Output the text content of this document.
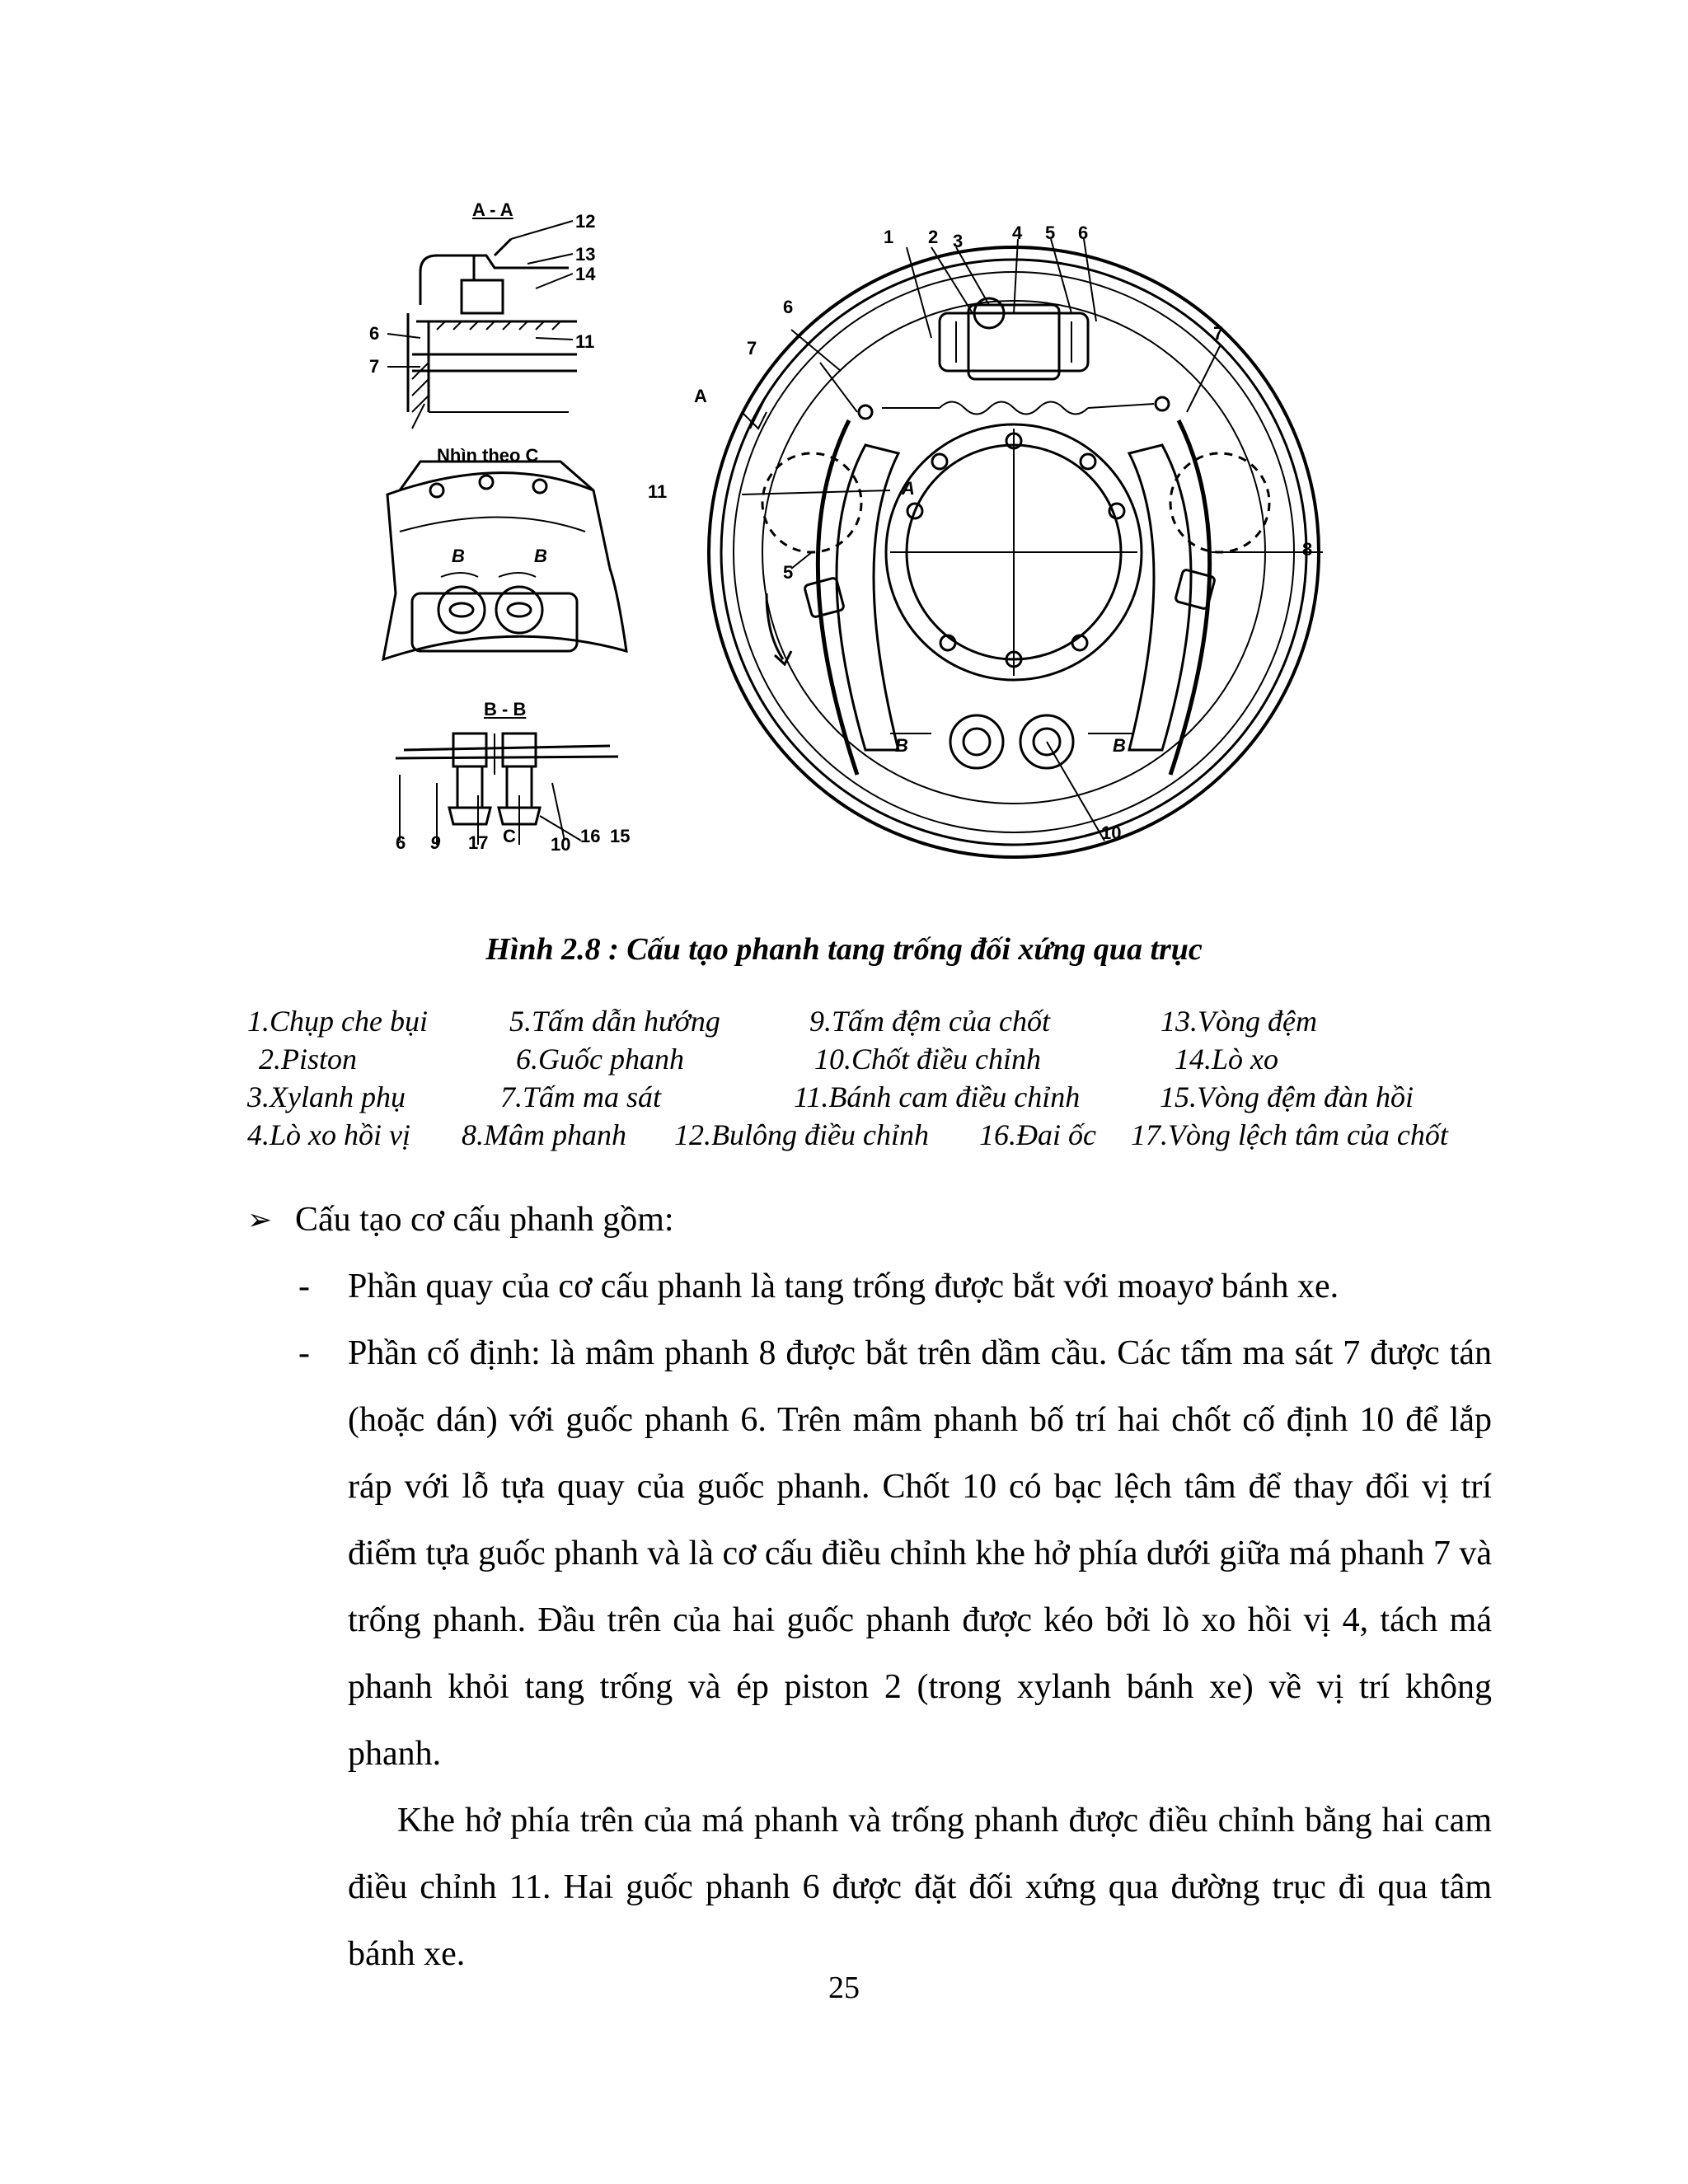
A - A
12
13
14
6
7
11
Nhìn theo C
B	B
B - B
6 9 17 C 10 16 15
1 2 3	4 5 6
6
7
7
A
11	A
5
8
B	B
10
Hình 2.8 : Cấu tạo phanh tang trống đối xứng qua trục
1.Chụp che bụi	5.Tấm dẫn hướng	9.Tấm đệm của chốt	13.Vòng đệm
2.Piston	6.Guốc phanh	10.Chốt điều chỉnh	14.Lò xo
3.Xylanh phụ	7.Tấm ma sát	11.Bánh cam điều chỉnh	15.Vòng đệm đàn hồi
4.Lò xo hồi vị 8.Mâm phanh 12.Bulông điều chỉnh 16.Đai ốc 17.Vòng lệch tâm của chốt
➢ Cấu tạo cơ cấu phanh gồm:
- Phần quay của cơ cấu phanh là tang trống được bắt với moayơ bánh xe.
- Phần cố định: là mâm phanh 8 được bắt trên dầm cầu. Các tấm ma sát 7 được tán (hoặc dán) với guốc phanh 6. Trên mâm phanh bố trí hai chốt cố định 10 để lắp ráp với lỗ tựa quay của guốc phanh. Chốt 10 có bạc lệch tâm để thay đổi vị trí điểm tựa guốc phanh và là cơ cấu điều chỉnh khe hở phía dưới giữa má phanh 7 và trống phanh. Đầu trên của hai guốc phanh được kéo bởi lò xo hồi vị 4, tách má phanh khỏi tang trống và ép piston 2 (trong xylanh bánh xe) về vị trí không phanh.

Khe hở phía trên của má phanh và trống phanh được điều chỉnh bằng hai cam điều chỉnh 11. Hai guốc phanh 6 được đặt đối xứng qua đường trục đi qua tâm bánh xe.

25
